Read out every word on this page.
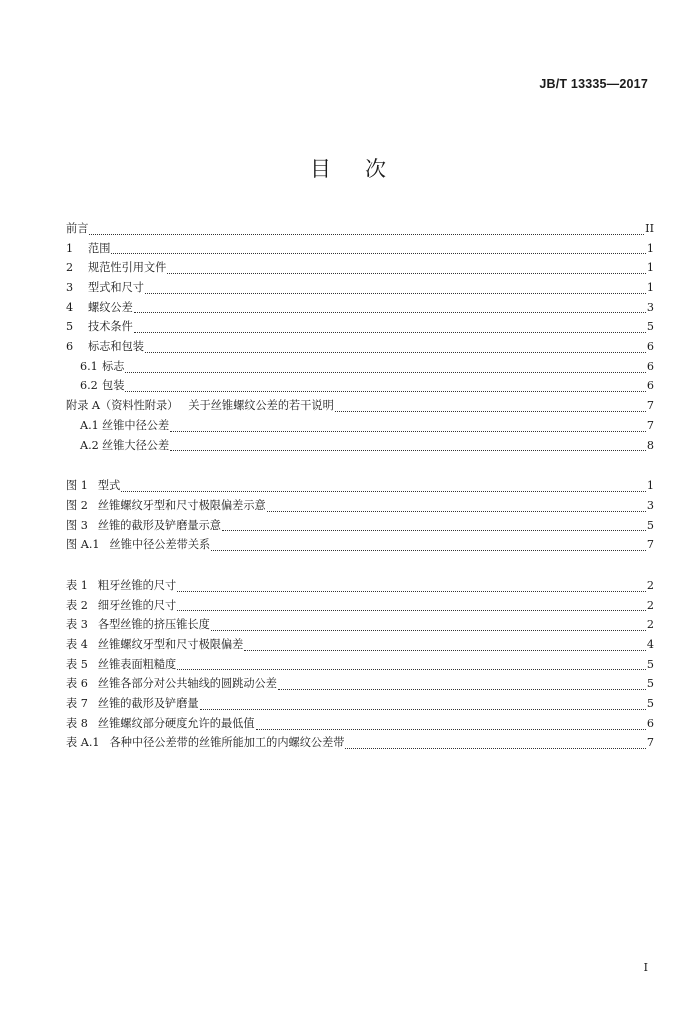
JB/T 13335—2017
目 次
前言	II
1	范围	1
2	规范性引用文件	1
3	型式和尺寸	1
4	螺纹公差	3
5	技术条件	5
6	标志和包装	6
6.1 标志	6
6.2 包装	6
附录 A（资料性附录） 关于丝锥螺纹公差的若干说明	7
A.1 丝锥中径公差	7
A.2 丝锥大径公差	8
图 1 型式	1
图 2 丝锥螺纹牙型和尺寸极限偏差示意	3
图 3 丝锥的截形及铲磨量示意	5
图 A.1 丝锥中径公差带关系	7
表 1 粗牙丝锥的尺寸	2
表 2 细牙丝锥的尺寸	2
表 3 各型丝锥的挤压锥长度	2
表 4 丝锥螺纹牙型和尺寸极限偏差	4
表 5 丝锥表面粗糙度	5
表 6 丝锥各部分对公共轴线的圆跳动公差	5
表 7 丝锥的截形及铲磨量	5
表 8 丝锥螺纹部分硬度允许的最低值	6
表 A.1 各种中径公差带的丝锥所能加工的内螺纹公差带	7
I
